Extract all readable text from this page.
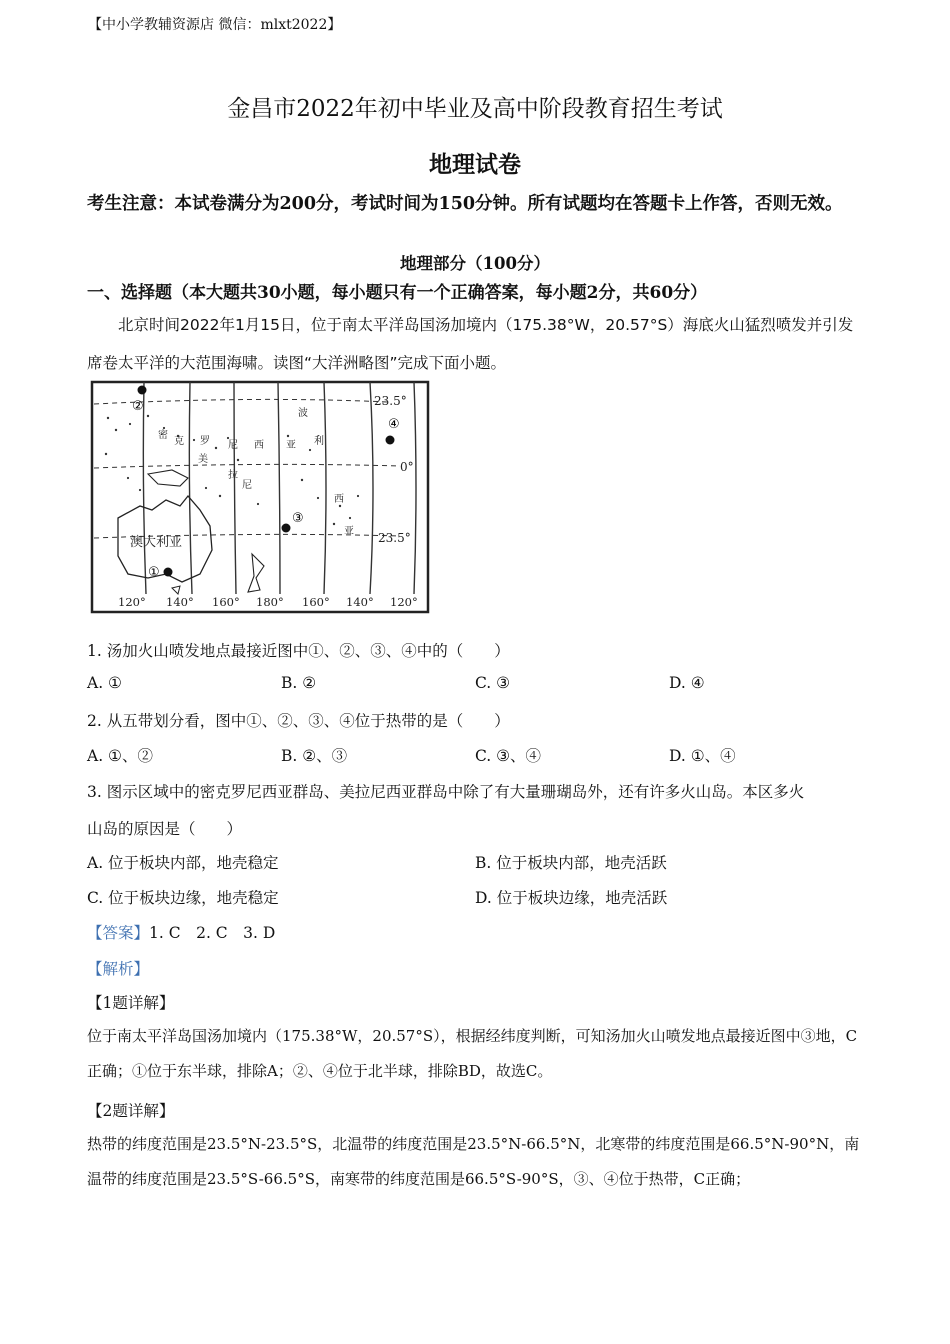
【中小学教辅资源店 微信：mlxt2022】
金昌市2022年初中毕业及高中阶段教育招生考试
地理试卷
考生注意：本试卷满分为200分，考试时间为150分钟。所有试题均在答题卡上作答，否则无效。
地理部分（100分）
一、选择题（本大题共30小题，每小题只有一个正确答案，每小题2分，共60分）
北京时间2022年1月15日，位于南太平洋岛国汤加境内（175.38°W，20.57°S）海底火山猛烈喷发并引发席卷太平洋的大范围海啸。读图“大洋洲略图”完成下面小题。
密
克 罗 尼 西 亚
美
拉
尼
波
利
西
亚
澳大利亚
23.5°
0°
23.5°
120° 140° 160° 180° 160° 140° 120°
②
④
③
①
1. 汤加火山喷发地点最接近图中①、②、③、④中的（　　）
A. ①	B. ②	C. ③	D. ④
2. 从五带划分看，图中①、②、③、④位于热带的是（　　）
A. ①、②	B. ②、③	C. ③、④	D. ①、④
3. 图示区域中的密克罗尼西亚群岛、美拉尼西亚群岛中除了有大量珊瑚岛外，还有许多火山岛。本区多火
山岛的原因是（　　）
A. 位于板块内部，地壳稳定	B. 位于板块内部，地壳活跃
C. 位于板块边缘，地壳稳定	D. 位于板块边缘，地壳活跃
【答案】1. C　2. C　3. D
【解析】
【1题详解】
位于南太平洋岛国汤加境内（175.38°W，20.57°S），根据经纬度判断，可知汤加火山喷发地点最接近图中③地，C正确；①位于东半球，排除A；②、④位于北半球，排除BD，故选C。
【2题详解】
热带的纬度范围是23.5°N-23.5°S，北温带的纬度范围是23.5°N-66.5°N，北寒带的纬度范围是66.5°N-90°N，南温带的纬度范围是23.5°S-66.5°S，南寒带的纬度范围是66.5°S-90°S，③、④位于热带，C正确；
